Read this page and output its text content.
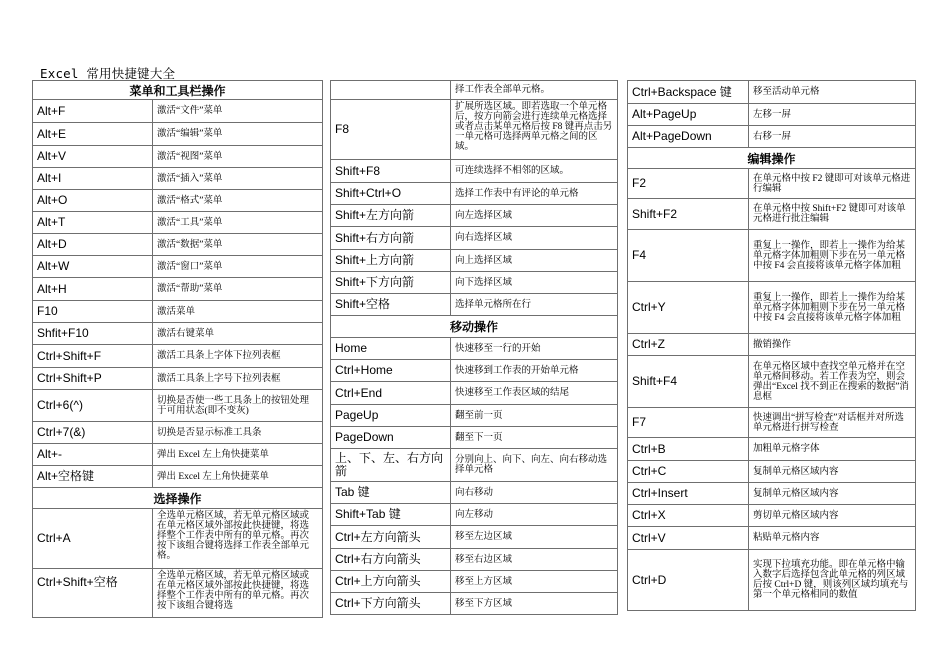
Excel 常用快捷键大全
菜单和工具栏操作	
Alt+F	激活“文件”菜单
Alt+E	激活“编辑”菜单
Alt+V	激活“视图”菜单
Alt+I	激活“插入”菜单
Alt+O	激活“格式”菜单
Alt+T	激活“工具”菜单
Alt+D	激活“数据”菜单
Alt+W	激活“窗口”菜单
Alt+H	激活“帮助”菜单
F10	激活菜单
Shfit+F10	激活右键菜单
Ctrl+Shift+F	激活工具条上字体下拉列表框
Ctrl+Shift+P	激活工具条上字号下拉列表框
Ctrl+6(^)	切换是否使一些工具条上的按钮处理于可用状态(即不变灰)
Ctrl+7(&)	切换是否显示标准工具条
Alt+-	弹出 Excel 左上角快捷菜单
Alt+空格键	弹出 Excel 左上角快捷菜单
选择操作	
Ctrl+A	全选单元格区域，若无单元格区域或在单元格区域外部按此快捷键，将选择整个工作表中所有的单元格。再次按下该组合键将选择工作表全部单元格。
Ctrl+Shift+空格	全选单元格区域，若无单元格区域或在单元格区域外部按此快捷键，将选择整个工作表中所有的单元格。再次按下该组合键将选
	择工作表全部单元格。
F8	扩展所选区域。即若选取一个单元格后，按方向箭会进行连续单元格选择或者点击某单元格后按 F8 键再点击另一单元格可选择两单元格之间的区域。
Shift+F8	可连续选择不相邻的区域。
Shift+Ctrl+O	选择工作表中有评论的单元格
Shift+左方向箭	向左选择区域
Shift+右方向箭	向右选择区域
Shift+上方向箭	向上选择区域
Shift+下方向箭	向下选择区域
Shift+空格	选择单元格所在行
移动操作	
Home	快速移至一行的开始
Ctrl+Home	快速移到工作表的开始单元格
Ctrl+End	快速移至工作表区域的结尾
PageUp	翻至前一页
PageDown	翻至下一页
上、下、左、右方向箭	分别向上、向下、向左、向右移动选择单元格
Tab 键	向右移动
Shift+Tab 键	向左移动
Ctrl+左方向箭头	移至左边区域
Ctrl+右方向箭头	移至右边区域
Ctrl+上方向箭头	移至上方区域
Ctrl+下方向箭头	移至下方区域
Ctrl+Backspace 键	移至活动单元格
Alt+PageUp	左移一屏
Alt+PageDown	右移一屏
编辑操作	
F2	在单元格中按 F2 键即可对该单元格进行编辑
Shift+F2	在单元格中按 Shift+F2 键即可对该单元格进行批注编辑
F4	重复上一操作，即若上一操作为给某单元格字体加粗则下步在另一单元格中按 F4 会直接将该单元格字体加粗
Ctrl+Y	重复上一操作，即若上一操作为给某单元格字体加粗则下步在另一单元格中按 F4 会直接将该单元格字体加粗
Ctrl+Z	撤销操作
Shift+F4	在单元格区域中查找空单元格并在空单元格间移动。若工作表为空，则会弹出“Excel 找不到正在搜索的数据”消息框
F7	快速调出“拼写检查”对话框并对所选单元格进行拼写检查
Ctrl+B	加粗单元格字体
Ctrl+C	复制单元格区域内容
Ctrl+Insert	复制单元格区域内容
Ctrl+X	剪切单元格区域内容
Ctrl+V	粘贴单元格内容
Ctrl+D	实现下拉填充功能。即在单元格中输入数字后选择包含此单元格的列区域后按 Ctrl+D 键，则该列区域均填充与第一个单元格相同的数值
